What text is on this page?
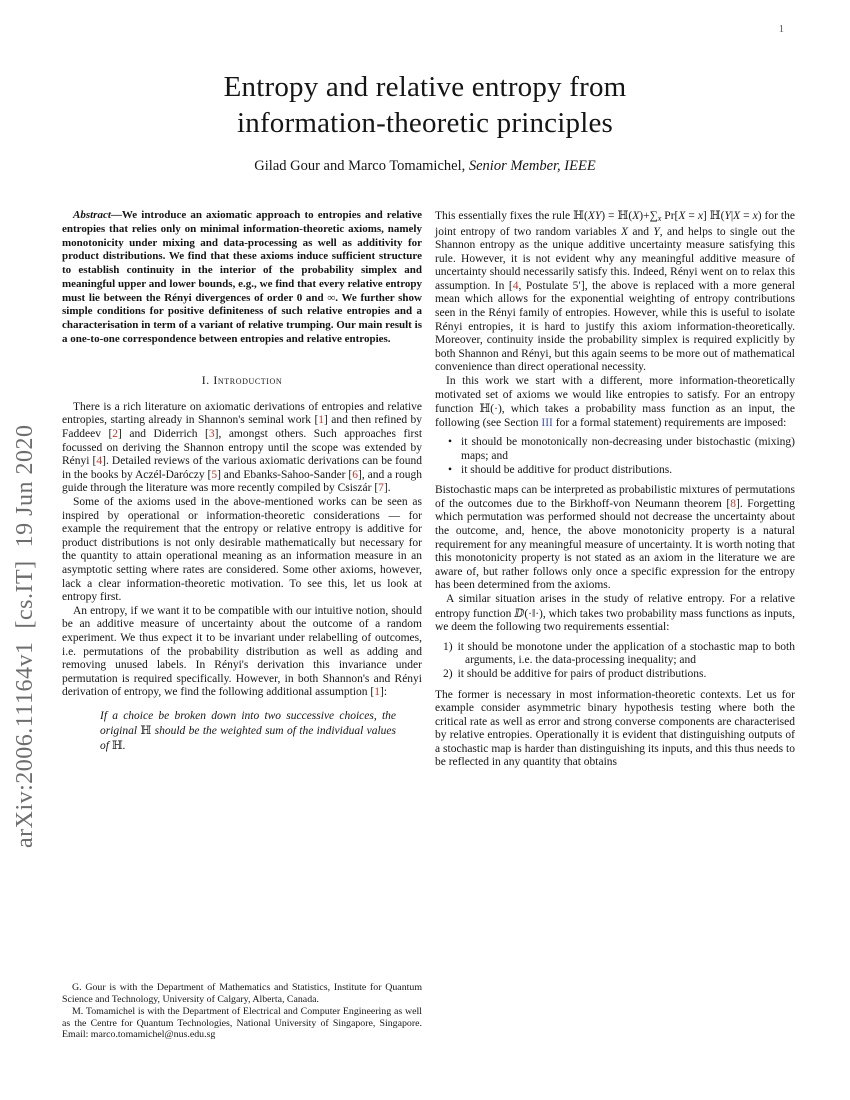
1
arXiv:2006.11164v1  [cs.IT]  19 Jun 2020
Entropy and relative entropy from
information-theoretic principles
Gilad Gour and Marco Tomamichel, Senior Member, IEEE

Abstract—We introduce an axiomatic approach to entropies and relative entropies that relies only on minimal information-theoretic axioms, namely monotonicity under mixing and data-processing as well as additivity for product distributions. We find that these axioms induce sufficient structure to establish continuity in the interior of the probability simplex and meaningful upper and lower bounds, e.g., we find that every relative entropy must lie between the Rényi divergences of order 0 and ∞. We further show simple conditions for positive definiteness of such relative entropies and a characterisation in term of a variant of relative trumping. Our main result is a one-to-one correspondence between entropies and relative entropies.

I. Introduction

There is a rich literature on axiomatic derivations of entropies and relative entropies, starting already in Shannon's seminal work [1] and then refined by Faddeev [2] and Diderrich [3], amongst others. Such approaches first focussed on deriving the Shannon entropy until the scope was extended by Rényi [4]. Detailed reviews of the various axiomatic derivations can be found in the books by Aczél-Daróczy [5] and Ebanks-Sahoo-Sander [6], and a rough guide through the literature was more recently compiled by Csiszár [7].

Some of the axioms used in the above-mentioned works can be seen as inspired by operational or information-theoretic considerations — for example the requirement that the entropy or relative entropy is additive for product distributions is not only desirable mathematically but necessary for the quantity to attain operational meaning as an information measure in an asymptotic setting where rates are considered. Some other axioms, however, lack a clear information-theoretic motivation. To see this, let us look at entropy first.

An entropy, if we want it to be compatible with our intuitive notion, should be an additive measure of uncertainty about the outcome of a random experiment. We thus expect it to be invariant under relabelling of outcomes, i.e. permutations of the probability distribution as well as adding and removing unused labels. In Rényi's derivation this invariance under permutation is required specifically. However, in both Shannon's and Rényi derivation of entropy, we find the following additional assumption [1]:

If a choice be broken down into two successive choices, the original ℍ should be the weighted sum of the individual values of ℍ.

G. Gour is with the Department of Mathematics and Statistics, Institute for Quantum Science and Technology, University of Calgary, Alberta, Canada.

M. Tomamichel is with the Department of Electrical and Computer Engineering as well as the Centre for Quantum Technologies, National University of Singapore, Singapore. Email: marco.tomamichel@nus.edu.sg

This essentially fixes the rule ℍ(XY) = ℍ(X)+∑x Pr[X = x] ℍ(Y|X = x) for the joint entropy of two random variables X and Y, and helps to single out the Shannon entropy as the unique additive uncertainty measure satisfying this rule. However, it is not evident why any meaningful additive measure of uncertainty should necessarily satisfy this. Indeed, Rényi went on to relax this assumption. In [4, Postulate 5′], the above is replaced with a more general mean which allows for the exponential weighting of entropy contributions seen in the Rényi family of entropies. However, while this is useful to isolate Rényi entropies, it is hard to justify this axiom information-theoretically. Moreover, continuity inside the probability simplex is required explicitly by both Shannon and Rényi, but this again seems to be more out of mathematical convenience than direct operational necessity.

In this work we start with a different, more information-theoretically motivated set of axioms we would like entropies to satisfy. For an entropy function ℍ(·), which takes a probability mass function as an input, the following (see Section III for a formal statement) requirements are imposed:

• it should be monotonically non-decreasing under bistochastic (mixing) maps; and
• it should be additive for product distributions.

Bistochastic maps can be interpreted as probabilistic mixtures of permutations of the outcomes due to the Birkhoff-von Neumann theorem [8]. Forgetting which permutation was performed should not decrease the uncertainty about the outcome, and, hence, the above monotonicity property is a natural requirement for any meaningful measure of uncertainty. It is worth noting that this monotonicity property is not stated as an axiom in the literature we are aware of, but rather follows only once a specific expression for the entropy has been determined from the axioms.

A similar situation arises in the study of relative entropy. For a relative entropy function ⅅ(·‖·), which takes two probability mass functions as inputs, we deem the following two requirements essential:

1) it should be monotone under the application of a stochastic map to both arguments, i.e. the data-processing inequality; and
2) it should be additive for pairs of product distributions.

The former is necessary in most information-theoretic contexts. Let us for example consider asymmetric binary hypothesis testing where both the critical rate as well as error and strong converse components are characterised by relative entropies. Operationally it is evident that distinguishing outputs of a stochastic map is harder than distinguishing its inputs, and this thus needs to be reflected in any quantity that obtains
